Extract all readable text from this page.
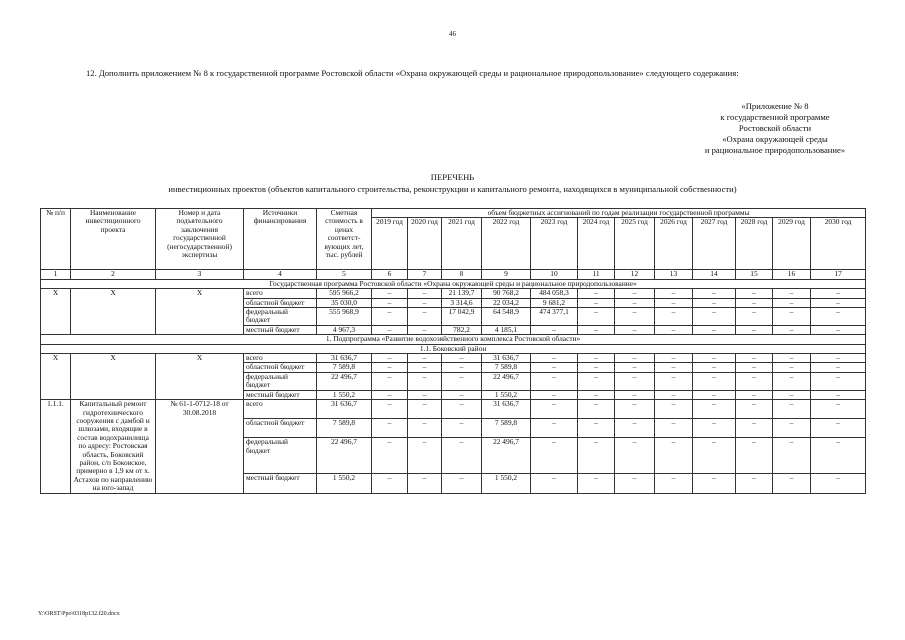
46
12. Дополнить приложением № 8 к государственной программе Ростовской области «Охрана окружающей среды и рациональное природопользование» следующего содержания:
«Приложение № 8
к государственной программе
Ростовской области
«Охрана окружающей среды
и рациональное природопользование»
ПЕРЕЧЕНЬ
инвестиционных проектов (объектов капитального строительства, реконструкции и капитального ремонта, находящихся в муниципальной собственности)
№ п/п	Наименование инвестиционного проекта	Номер и дата подъятельного заключения государственной (негосударственной) экспертизы	Источники финансирования	Сметная стоимость в ценах соответст-вующих лет, тыс. рублей	объем бюджетных ассигнований по годам реализации государственной программы											
					2019 год	2020 год	2021 год	2022 год	2023 год	2024 год	2025 год	2026 год	2027 год	2028 год	2029 год	2030 год
1	2	3	4	5	6	7	8	9	10	11	12	13	14	15	16	17
Государственная программа Ростовской области «Охрана окружающей среды и рациональное природопользование»																
X	X	X	всего	595 966,2	–	–	21 139,7	90 768,2	484 058,3	–	–	–	–	–	–	–
			областной бюджет	35 030,0	–	–	3 314,6	22 034,2	9 681,2	–	–	–	–	–	–	–
			федеральный бюджет	555 968,9	–	–	17 042,9	64 548,9	474 377,1	–	–	–	–	–	–	–
			местный бюджет	4 967,3	–	–	782,2	4 185,1	–	–	–	–	–	–	–	–
1. Подпрограмма «Развитие водохозяйственного комплекса Ростовской области»																
1.1. Боковский район																
X	X	X	всего	31 636,7	–	–	–	31 636,7	–	–	–	–	–	–	–	–
			областной бюджет	7 589,8	–	–	–	7 589,8	–	–	–	–	–	–	–	–
			федеральный бюджет	22 496,7	–	–	–	22 496,7	–	–	–	–	–	–	–	–
			местный бюджет	1 550,2	–	–	–	1 550,2	–	–	–	–	–	–	–	–
1.1.1.	Капитальный ремонт гидротехнического сооружения с дамбой и шлюзами, входящие в состав водохранилища по адресу: Ростовская область, Боковский район, с/п Боковское, примерно в 1,9 км от х. Астахов по направлению на юго-запад	№ 61-1-0712-18 от 30.08.2018	всего	31 636,7	–	–	–	31 636,7	–	–	–	–	–	–	–	–
			областной бюджет	7 589,8	–	–	–	7 589,8	–	–	–	–	–	–	–	–
			федеральный бюджет	22 496,7	–	–	–	22 496,7	–	–	–	–	–	–	–	–
			местный бюджет	1 550,2	–	–	–	1 550,2	–	–	–	–	–	–	–	–
Y:\ORST\Ppo\0318p132.f20.docx
